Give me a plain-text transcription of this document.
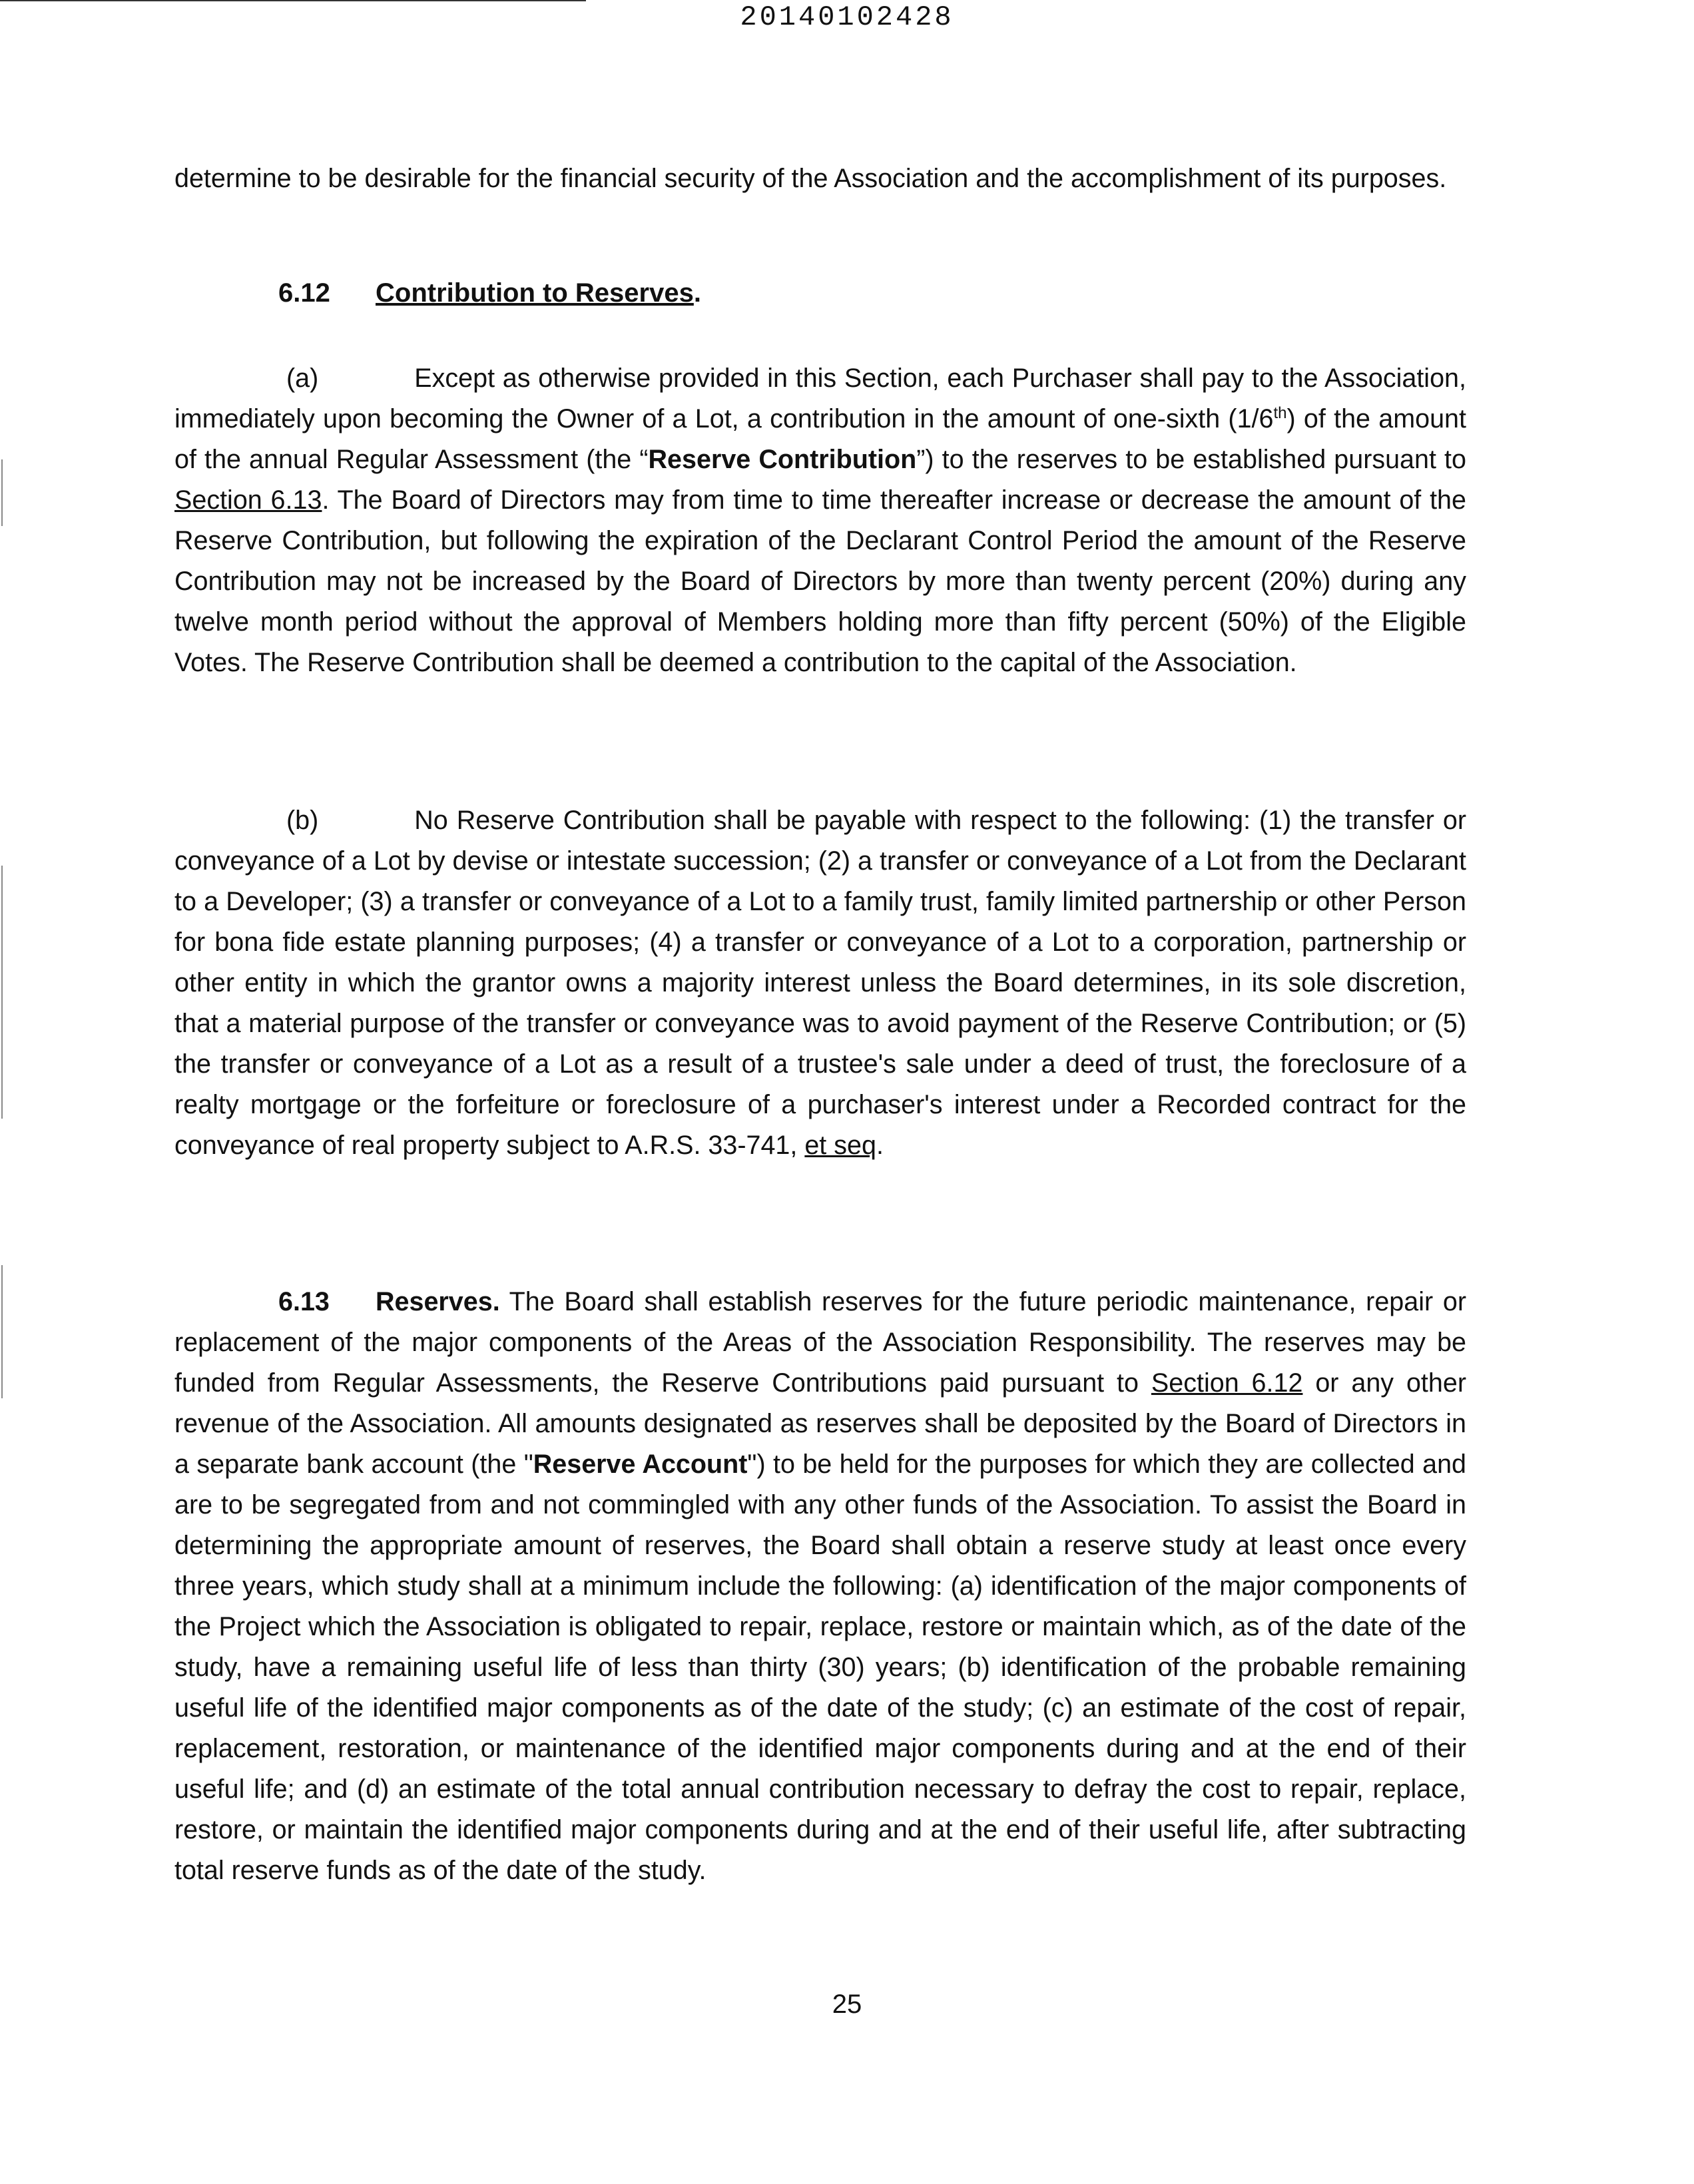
20140102428
determine to be desirable for the financial security of the Association and the accomplishment of its purposes.
6.12 Contribution to Reserves.
(a)	Except as otherwise provided in this Section, each Purchaser shall pay to the Association, immediately upon becoming the Owner of a Lot, a contribution in the amount of one-sixth (1/6th) of the amount of the annual Regular Assessment (the “Reserve Contribution”) to the reserves to be established pursuant to Section 6.13. The Board of Directors may from time to time thereafter increase or decrease the amount of the Reserve Contribution, but following the expiration of the Declarant Control Period the amount of the Reserve Contribution may not be increased by the Board of Directors by more than twenty percent (20%) during any twelve month period without the approval of Members holding more than fifty percent (50%) of the Eligible Votes. The Reserve Contribution shall be deemed a contribution to the capital of the Association.
(b)	No Reserve Contribution shall be payable with respect to the following: (1) the transfer or conveyance of a Lot by devise or intestate succession; (2) a transfer or conveyance of a Lot from the Declarant to a Developer; (3) a transfer or conveyance of a Lot to a family trust, family limited partnership or other Person for bona fide estate planning purposes; (4) a transfer or conveyance of a Lot to a corporation, partnership or other entity in which the grantor owns a majority interest unless the Board determines, in its sole discretion, that a material purpose of the transfer or conveyance was to avoid payment of the Reserve Contribution; or (5) the transfer or conveyance of a Lot as a result of a trustee's sale under a deed of trust, the foreclosure of a realty mortgage or the forfeiture or foreclosure of a purchaser's interest under a Recorded contract for the conveyance of real property subject to A.R.S. 33-741, et seq.
6.13 Reserves. The Board shall establish reserves for the future periodic maintenance, repair or replacement of the major components of the Areas of the Association Responsibility. The reserves may be funded from Regular Assessments, the Reserve Contributions paid pursuant to Section 6.12 or any other revenue of the Association. All amounts designated as reserves shall be deposited by the Board of Directors in a separate bank account (the "Reserve Account") to be held for the purposes for which they are collected and are to be segregated from and not commingled with any other funds of the Association. To assist the Board in determining the appropriate amount of reserves, the Board shall obtain a reserve study at least once every three years, which study shall at a minimum include the following: (a) identification of the major components of the Project which the Association is obligated to repair, replace, restore or maintain which, as of the date of the study, have a remaining useful life of less than thirty (30) years; (b) identification of the probable remaining useful life of the identified major components as of the date of the study; (c) an estimate of the cost of repair, replacement, restoration, or maintenance of the identified major components during and at the end of their useful life; and (d) an estimate of the total annual contribution necessary to defray the cost to repair, replace, restore, or maintain the identified major components during and at the end of their useful life, after subtracting total reserve funds as of the date of the study.
25
